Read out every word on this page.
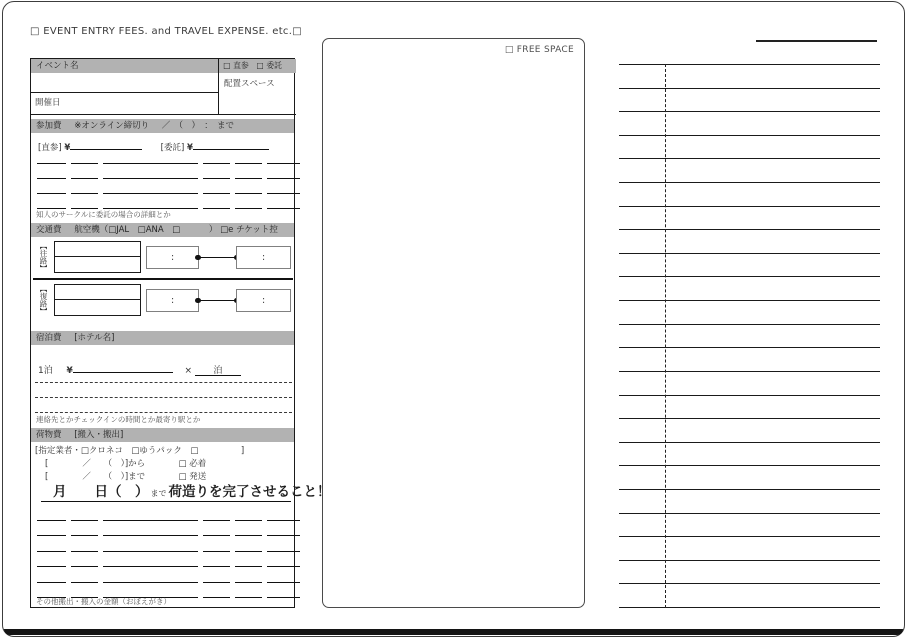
□ EVENT ENTRY FEES. and TRAVEL EXPENSE. etc.□
イベント名
開催日
□ 直参　□ 委託
配置スペース
参加費 ※オンライン締切り ／　（　）　：　まで
[直参] ¥	[委託] ¥
知人のサークルに委託の場合の詳細とか
交通費 航空機（□JAL　□ANA　□	） □e チケット控
【往路】	:	:
【復路】	:	:
宿泊費 [ホテル名]
1泊 ¥	× 泊
連絡先とかチェックインの時間とか最寄り駅とか
荷物費 [搬入・搬出]
[指定業者・□クロネコ　□ゆうパック　□　　　　　]
[　　　　／　　（　）]から	□ 必着
[　　　　／　　（　）]まで	□ 発送
月 日（　） まで 荷造りを完了させること！
その他搬出・搬入の金額（おぼえがき）
□ FREE SPACE
